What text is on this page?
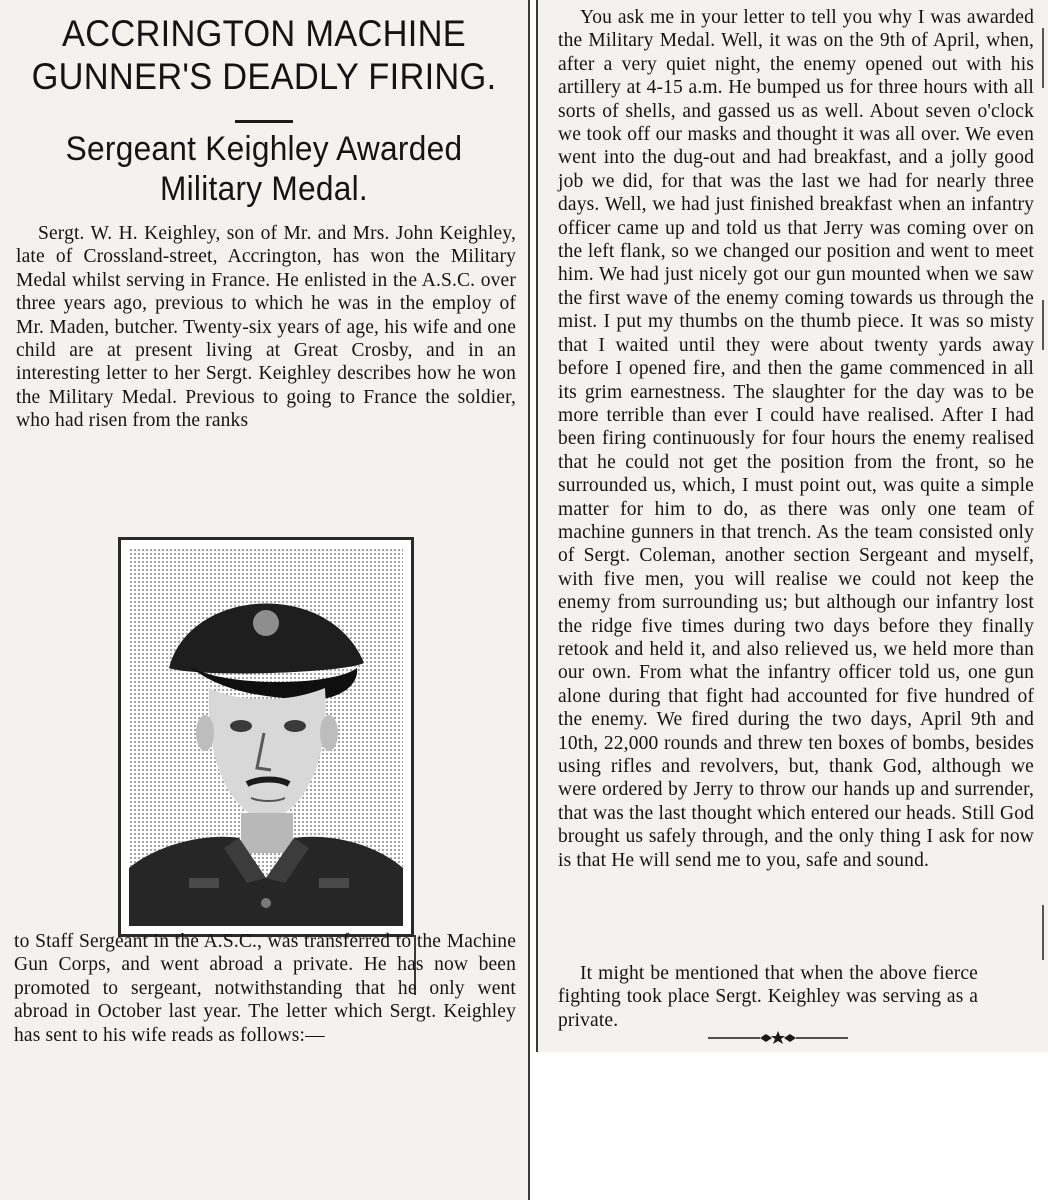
ACCRINGTON MACHINE GUNNER'S DEADLY FIRING.
Sergeant Keighley Awarded Military Medal.

Sergt. W. H. Keighley, son of Mr. and Mrs. John Keighley, late of Crossland-street, Accrington, has won the Military Medal whilst serving in France. He enlisted in the A.S.C. over three years ago, previous to which he was in the employ of Mr. Maden, butcher. Twenty-six years of age, his wife and one child are at present living at Great Crosby, and in an interesting letter to her Sergt. Keighley describes how he won the Military Medal. Previous to going to France the soldier, who had risen from the ranks

to Staff Sergeant in the A.S.C., was transferred to the Machine Gun Corps, and went abroad a private. He has now been promoted to sergeant, notwithstanding that he only went abroad in October last year. The letter which Sergt. Keighley has sent to his wife reads as follows:—

You ask me in your letter to tell you why I was awarded the Military Medal. Well, it was on the 9th of April, when, after a very quiet night, the enemy opened out with his artillery at 4-15 a.m. He bumped us for three hours with all sorts of shells, and gassed us as well. About seven o'clock we took off our masks and thought it was all over. We even went into the dug-out and had breakfast, and a jolly good job we did, for that was the last we had for nearly three days. Well, we had just finished breakfast when an infantry officer came up and told us that Jerry was coming over on the left flank, so we changed our position and went to meet him. We had just nicely got our gun mounted when we saw the first wave of the enemy coming towards us through the mist. I put my thumbs on the thumb piece. It was so misty that I waited until they were about twenty yards away before I opened fire, and then the game commenced in all its grim earnestness. The slaughter for the day was to be more terrible than ever I could have realised. After I had been firing continuously for four hours the enemy realised that he could not get the position from the front, so he surrounded us, which, I must point out, was quite a simple matter for him to do, as there was only one team of machine gunners in that trench. As the team consisted only of Sergt. Coleman, another section Sergeant and myself, with five men, you will realise we could not keep the enemy from surrounding us; but although our infantry lost the ridge five times during two days before they finally retook and held it, and also relieved us, we held more than our own. From what the infantry officer told us, one gun alone during that fight had accounted for five hundred of the enemy. We fired during the two days, April 9th and 10th, 22,000 rounds and threw ten boxes of bombs, besides using rifles and revolvers, but, thank God, although we were ordered by Jerry to throw our hands up and surrender, that was the last thought which entered our heads. Still God brought us safely through, and the only thing I ask for now is that He will send me to you, safe and sound.

It might be mentioned that when the above fierce fighting took place Sergt. Keighley was serving as a private.
